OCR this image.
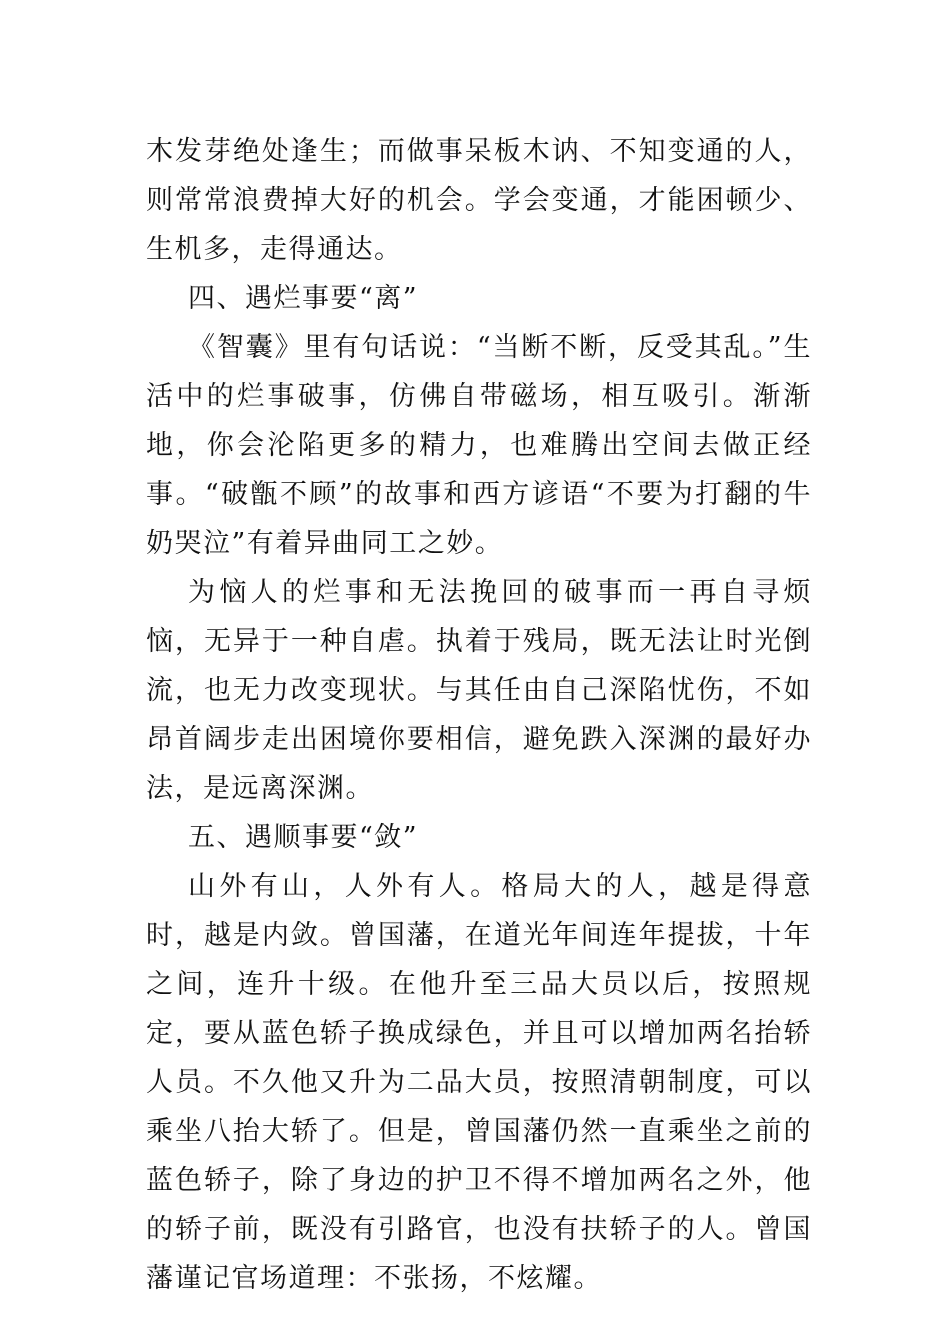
木发芽绝处逢生；而做事呆板木讷、不知变通的人，则常常浪费掉大好的机会。学会变通，才能困顿少、生机多，走得通达。

四、遇烂事要“离”

《智囊》里有句话说：“当断不断，反受其乱。”生活中的烂事破事，仿佛自带磁场，相互吸引。渐渐地，你会沦陷更多的精力，也难腾出空间去做正经事。“破甑不顾”的故事和西方谚语“不要为打翻的牛奶哭泣”有着异曲同工之妙。

为恼人的烂事和无法挽回的破事而一再自寻烦恼，无异于一种自虐。执着于残局，既无法让时光倒流，也无力改变现状。与其任由自己深陷忧伤，不如昂首阔步走出困境你要相信，避免跌入深渊的最好办法，是远离深渊。

五、遇顺事要“敛”

山外有山，人外有人。格局大的人，越是得意时，越是内敛。曾国藩，在道光年间连年提拔，十年之间，连升十级。在他升至三品大员以后，按照规定，要从蓝色轿子换成绿色，并且可以增加两名抬轿人员。不久他又升为二品大员，按照清朝制度，可以乘坐八抬大轿了。但是，曾国藩仍然一直乘坐之前的蓝色轿子，除了身边的护卫不得不增加两名之外，他的轿子前，既没有引路官，也没有扶轿子的人。曾国藩谨记官场道理：不张扬，不炫耀。
